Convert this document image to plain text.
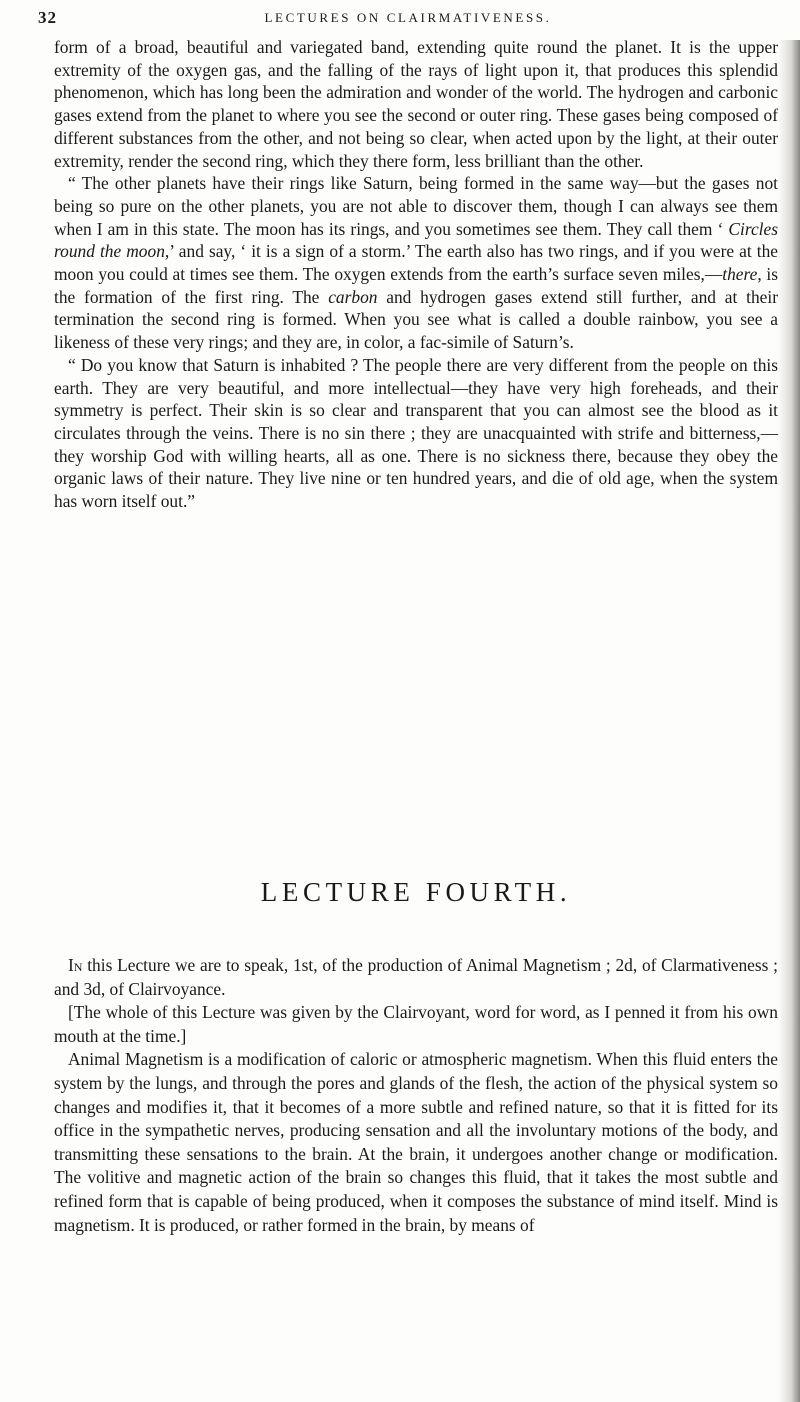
32	LECTURES ON CLAIRMATIVENESS.

form of a broad, beautiful and variegated band, extending quite round the planet. It is the upper extremity of the oxygen gas, and the falling of the rays of light upon it, that produces this splendid phenomenon, which has long been the admiration and wonder of the world. The hydrogen and carbonic gases extend from the planet to where you see the second or outer ring. These gases being composed of different substances from the other, and not being so clear, when acted upon by the light, at their outer extremity, render the second ring, which they there form, less brilliant than the other.

“ The other planets have their rings like Saturn, being formed in the same way—but the gases not being so pure on the other planets, you are not able to discover them, though I can always see them when I am in this state. The moon has its rings, and you sometimes see them. They call them ‘ Circles round the moon,’ and say, ‘ it is a sign of a storm.’ The earth also has two rings, and if you were at the moon you could at times see them. The oxygen extends from the earth’s surface seven miles,—there, is the formation of the first ring. The carbon and hydrogen gases extend still further, and at their termination the second ring is formed. When you see what is called a double rainbow, you see a likeness of these very rings; and they are, in color, a fac-simile of Saturn’s.

“ Do you know that Saturn is inhabited ? The people there are very different from the people on this earth. They are very beautiful, and more intellectual—they have very high foreheads, and their symmetry is perfect. Their skin is so clear and transparent that you can almost see the blood as it circulates through the veins. There is no sin there ; they are unacquainted with strife and bitterness,—they worship God with willing hearts, all as one. There is no sickness there, because they obey the organic laws of their nature. They live nine or ten hundred years, and die of old age, when the system has worn itself out.”

LECTURE FOURTH.

In this Lecture we are to speak, 1st, of the production of Animal Magnetism ; 2d, of Clarmativeness ; and 3d, of Clairvoyance.

[The whole of this Lecture was given by the Clairvoyant, word for word, as I penned it from his own mouth at the time.]

Animal Magnetism is a modification of caloric or atmospheric magnetism. When this fluid enters the system by the lungs, and through the pores and glands of the flesh, the action of the physical system so changes and modifies it, that it becomes of a more subtle and refined nature, so that it is fitted for its office in the sympathetic nerves, producing sensation and all the involuntary motions of the body, and transmitting these sensations to the brain. At the brain, it undergoes another change or modification. The volitive and magnetic action of the brain so changes this fluid, that it takes the most subtle and refined form that is capable of being produced, when it composes the substance of mind itself. Mind is magnetism. It is produced, or rather formed in the brain, by means of
